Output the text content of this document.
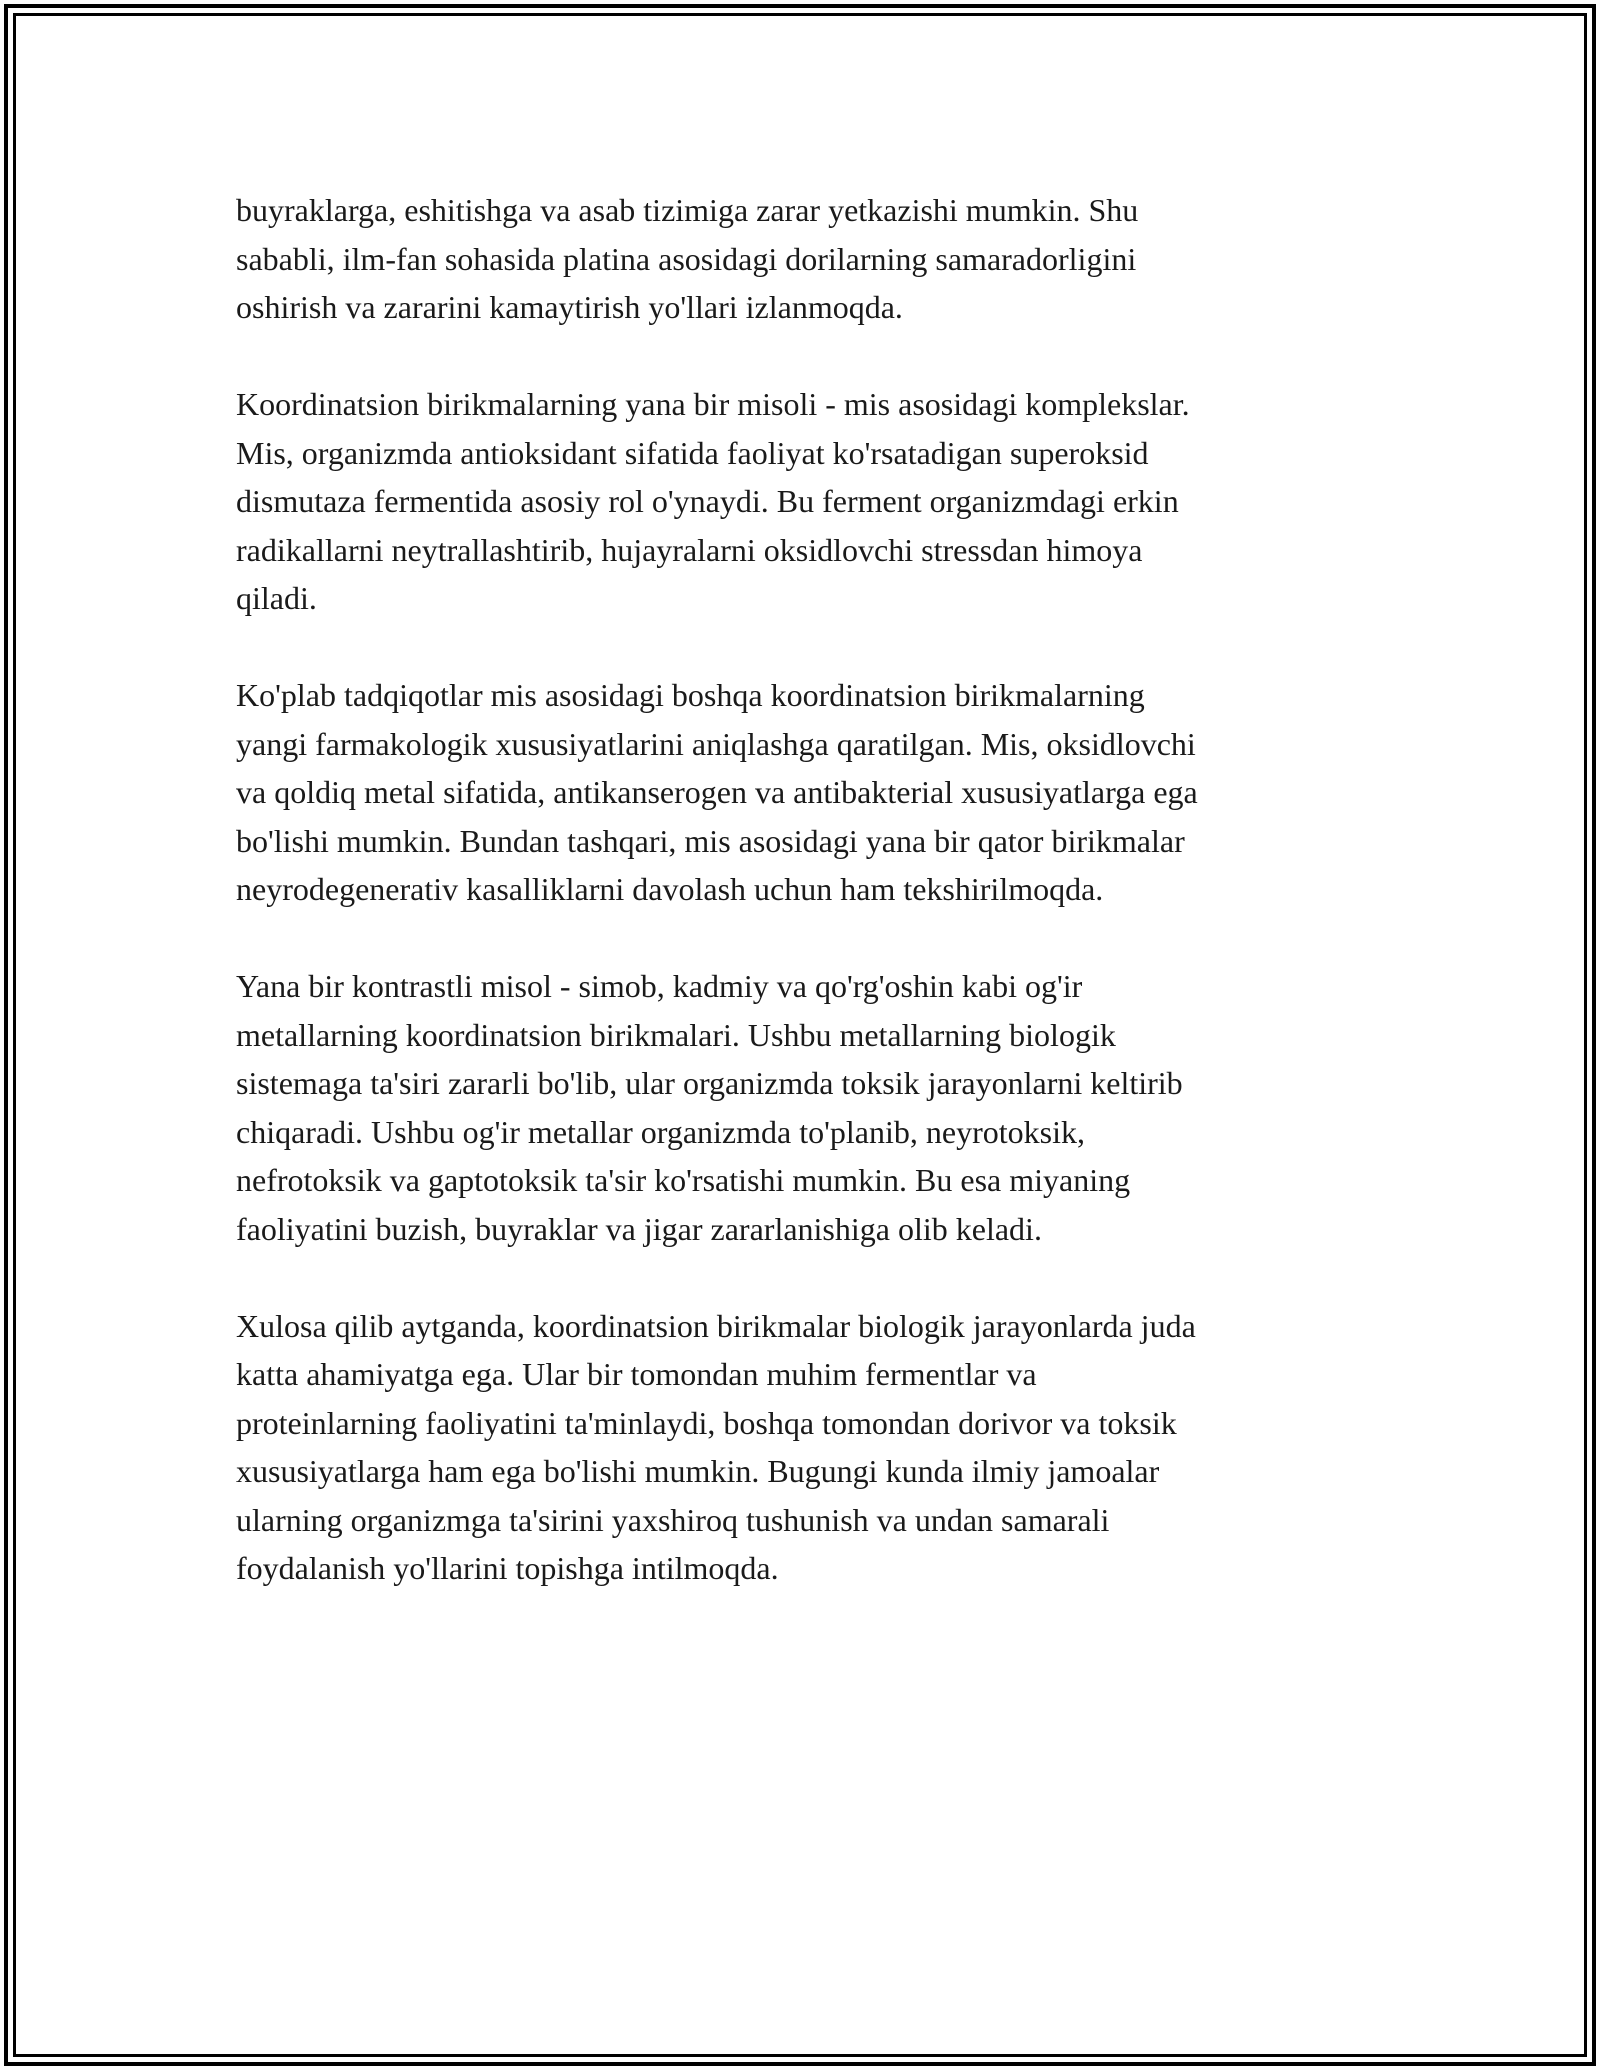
buyraklarga, eshitishga va asab tizimiga zarar yetkazishi mumkin. Shu
sababli, ilm-fan sohasida platina asosidagi dorilarning samaradorligini
oshirish va zararini kamaytirish yo'llari izlanmoqda.
Koordinatsion birikmalarning yana bir misoli - mis asosidagi komplekslar.
Mis, organizmda antioksidant sifatida faoliyat ko'rsatadigan superoksid
dismutaza fermentida asosiy rol o'ynaydi. Bu ferment organizmdagi erkin
radikallarni neytrallashtirib, hujayralarni oksidlovchi stressdan himoya
qiladi.
Ko'plab tadqiqotlar mis asosidagi boshqa koordinatsion birikmalarning
yangi farmakologik xususiyatlarini aniqlashga qaratilgan. Mis, oksidlovchi
va qoldiq metal sifatida, antikanserogen va antibakterial xususiyatlarga ega
bo'lishi mumkin. Bundan tashqari, mis asosidagi yana bir qator birikmalar
neyrodegenerativ kasalliklarni davolash uchun ham tekshirilmoqda.
Yana bir kontrastli misol - simob, kadmiy va qo'rg'oshin kabi og'ir
metallarning koordinatsion birikmalari. Ushbu metallarning biologik
sistemaga ta'siri zararli bo'lib, ular organizmda toksik jarayonlarni keltirib
chiqaradi. Ushbu og'ir metallar organizmda to'planib, neyrotoksik,
nefrotoksik va gaptotoksik ta'sir ko'rsatishi mumkin. Bu esa miyaning
faoliyatini buzish, buyraklar va jigar zararlanishiga olib keladi.
Xulosa qilib aytganda, koordinatsion birikmalar biologik jarayonlarda juda
katta ahamiyatga ega. Ular bir tomondan muhim fermentlar va
proteinlarning faoliyatini ta'minlaydi, boshqa tomondan dorivor va toksik
xususiyatlarga ham ega bo'lishi mumkin. Bugungi kunda ilmiy jamoalar
ularning organizmga ta'sirini yaxshiroq tushunish va undan samarali
foydalanish yo'llarini topishga intilmoqda.
